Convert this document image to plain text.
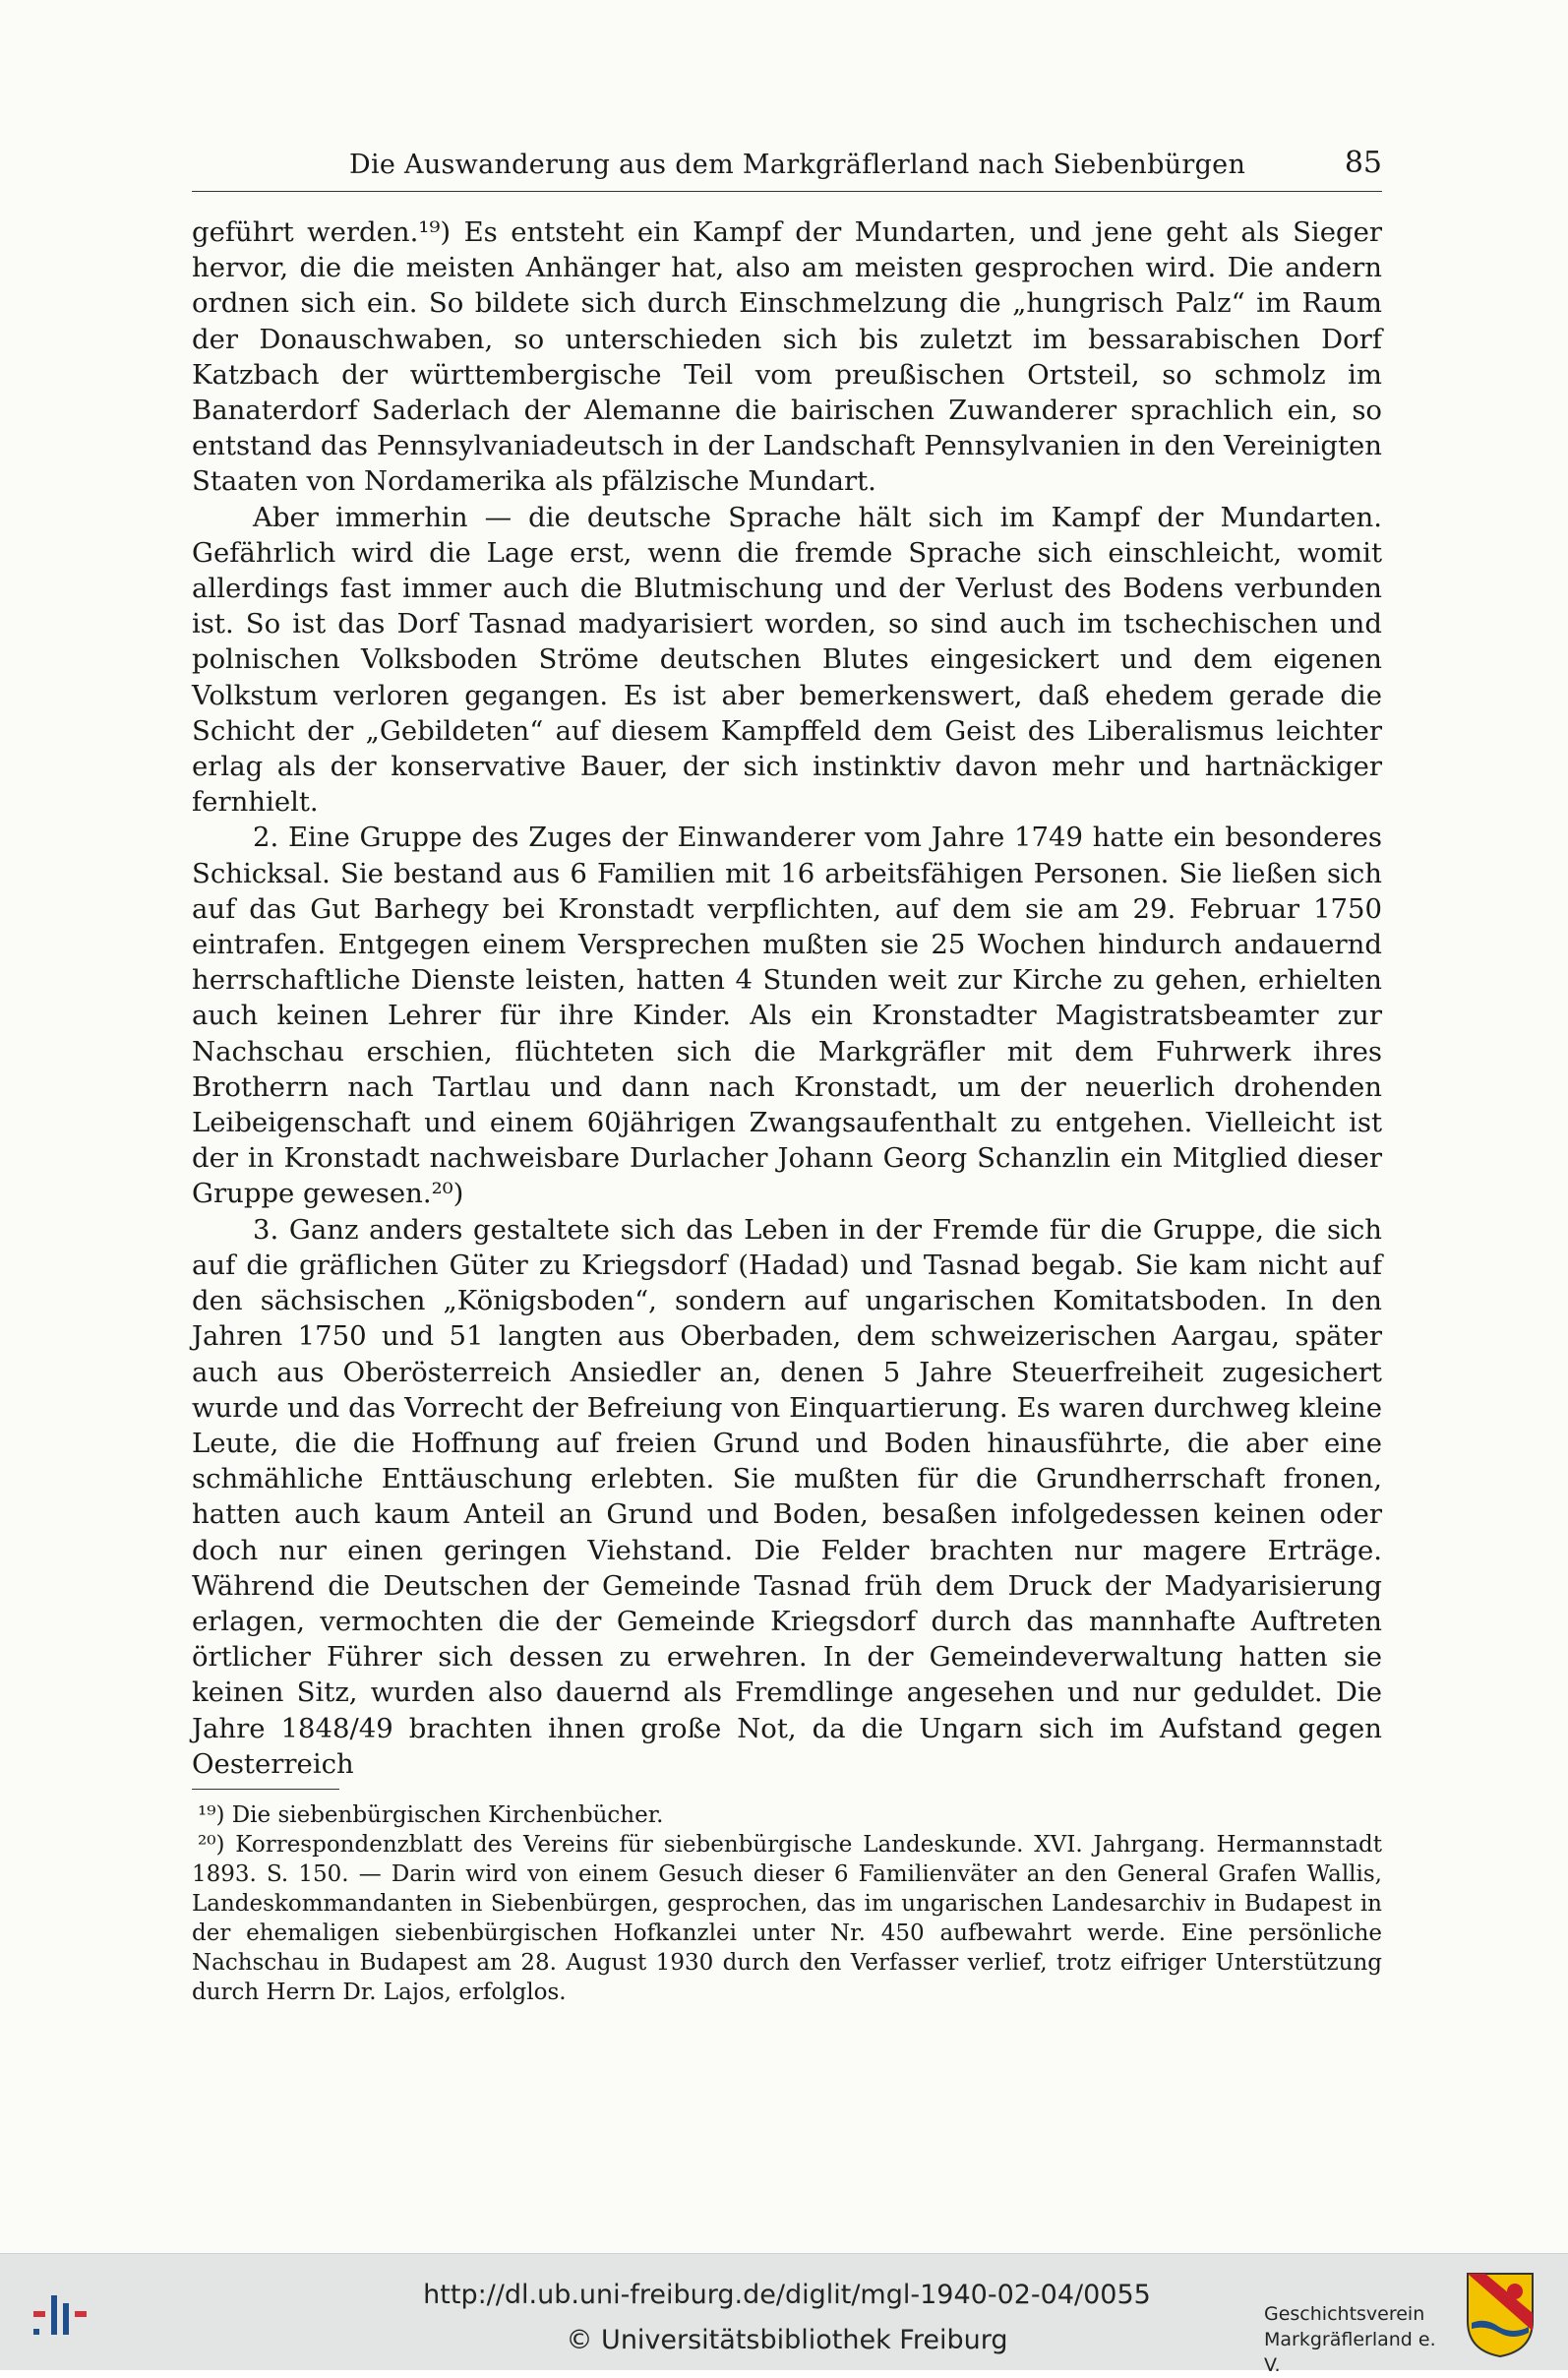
Die Auswanderung aus dem Markgräflerland nach Siebenbürgen	85

geführt werden.¹⁹) Es entsteht ein Kampf der Mundarten, und jene geht als Sieger hervor, die die meisten Anhänger hat, also am meisten gesprochen wird. Die andern ordnen sich ein. So bildete sich durch Einschmelzung die „hungrisch Palz“ im Raum der Donauschwaben, so unterschieden sich bis zuletzt im bessarabischen Dorf Katzbach der württembergische Teil vom preußischen Ortsteil, so schmolz im Banaterdorf Saderlach der Alemanne die bairischen Zuwanderer sprachlich ein, so entstand das Pennsylvaniadeutsch in der Landschaft Pennsylvanien in den Vereinigten Staaten von Nordamerika als pfälzische Mundart.

Aber immerhin — die deutsche Sprache hält sich im Kampf der Mundarten. Gefährlich wird die Lage erst, wenn die fremde Sprache sich einschleicht, womit allerdings fast immer auch die Blutmischung und der Verlust des Bodens verbunden ist. So ist das Dorf Tasnad madyarisiert worden, so sind auch im tschechischen und polnischen Volksboden Ströme deutschen Blutes eingesickert und dem eigenen Volkstum verloren gegangen. Es ist aber bemerkenswert, daß ehedem gerade die Schicht der „Gebildeten“ auf diesem Kampffeld dem Geist des Liberalismus leichter erlag als der konservative Bauer, der sich instinktiv davon mehr und hartnäckiger fernhielt.

2. Eine Gruppe des Zuges der Einwanderer vom Jahre 1749 hatte ein besonderes Schicksal. Sie bestand aus 6 Familien mit 16 arbeitsfähigen Personen. Sie ließen sich auf das Gut Barhegy bei Kronstadt verpflichten, auf dem sie am 29. Februar 1750 eintrafen. Entgegen einem Versprechen mußten sie 25 Wochen hindurch andauernd herrschaftliche Dienste leisten, hatten 4 Stunden weit zur Kirche zu gehen, erhielten auch keinen Lehrer für ihre Kinder. Als ein Kronstadter Magistratsbeamter zur Nachschau erschien, flüchteten sich die Markgräfler mit dem Fuhrwerk ihres Brotherrn nach Tartlau und dann nach Kronstadt, um der neuerlich drohenden Leibeigenschaft und einem 60jährigen Zwangsaufenthalt zu entgehen. Vielleicht ist der in Kronstadt nachweisbare Durlacher Johann Georg Schanzlin ein Mitglied dieser Gruppe gewesen.²⁰)

3. Ganz anders gestaltete sich das Leben in der Fremde für die Gruppe, die sich auf die gräflichen Güter zu Kriegsdorf (Hadad) und Tasnad begab. Sie kam nicht auf den sächsischen „Königsboden“, sondern auf ungarischen Komitatsboden. In den Jahren 1750 und 51 langten aus Oberbaden, dem schweizerischen Aargau, später auch aus Oberösterreich Ansiedler an, denen 5 Jahre Steuerfreiheit zugesichert wurde und das Vorrecht der Befreiung von Einquartierung. Es waren durchweg kleine Leute, die die Hoffnung auf freien Grund und Boden hinausführte, die aber eine schmähliche Enttäuschung erlebten. Sie mußten für die Grundherrschaft fronen, hatten auch kaum Anteil an Grund und Boden, besaßen infolgedessen keinen oder doch nur einen geringen Viehstand. Die Felder brachten nur magere Erträge. Während die Deutschen der Gemeinde Tasnad früh dem Druck der Madyarisierung erlagen, vermochten die der Gemeinde Kriegsdorf durch das mannhafte Auftreten örtlicher Führer sich dessen zu erwehren. In der Gemeindeverwaltung hatten sie keinen Sitz, wurden also dauernd als Fremdlinge angesehen und nur geduldet. Die Jahre 1848/49 brachten ihnen große Not, da die Ungarn sich im Aufstand gegen Oesterreich

¹⁹) Die siebenbürgischen Kirchenbücher.

²⁰) Korrespondenzblatt des Vereins für siebenbürgische Landeskunde. XVI. Jahrgang. Hermannstadt 1893. S. 150. — Darin wird von einem Gesuch dieser 6 Familienväter an den General Grafen Wallis, Landeskommandanten in Siebenbürgen, gesprochen, das im ungarischen Landesarchiv in Budapest in der ehemaligen siebenbürgischen Hofkanzlei unter Nr. 450 aufbewahrt werde. Eine persönliche Nachschau in Budapest am 28. August 1930 durch den Verfasser verlief, trotz eifriger Unterstützung durch Herrn Dr. Lajos, erfolglos.

http://dl.ub.uni-freiburg.de/diglit/mgl-1940-02-04/0055
© Universitätsbibliothek Freiburg
Geschichtsverein
Markgräflerland e. V.
